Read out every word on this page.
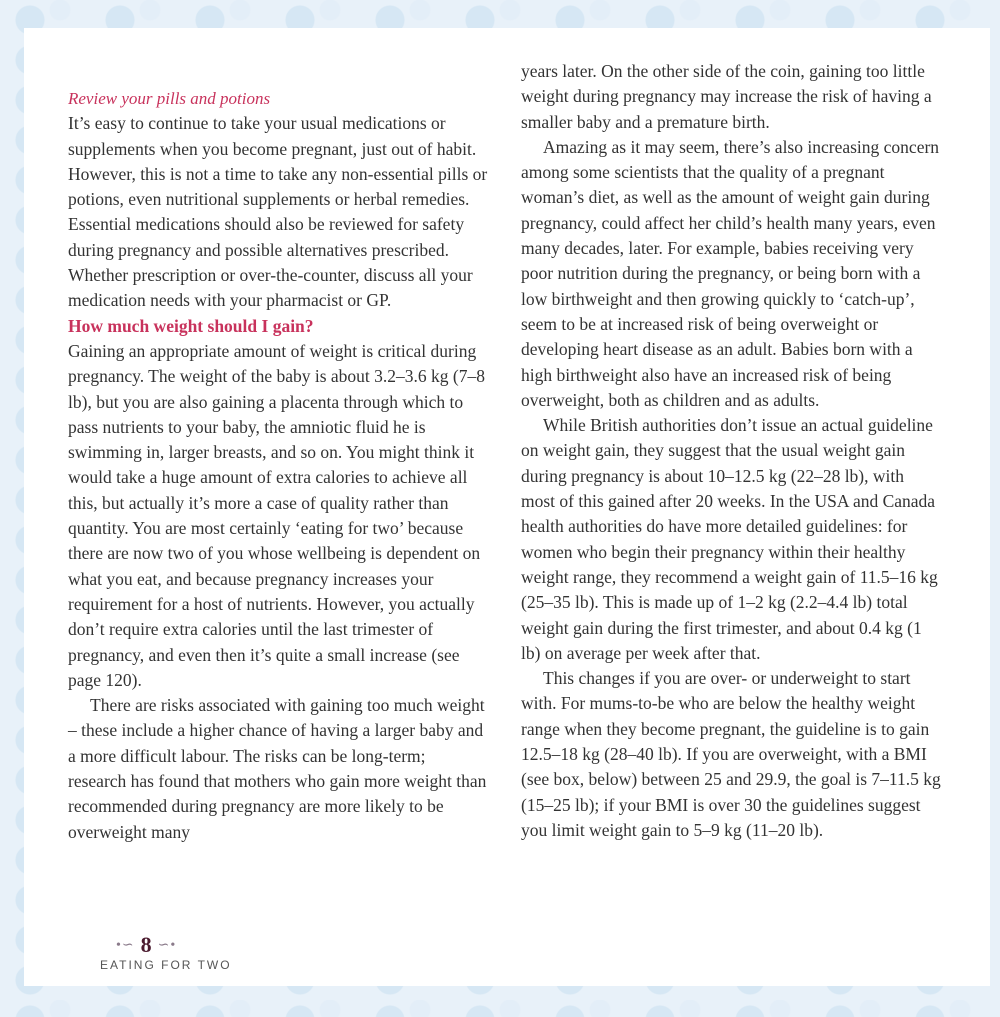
Review your pills and potions

It’s easy to continue to take your usual medications or supplements when you become pregnant, just out of habit. However, this is not a time to take any non-essential pills or potions, even nutritional supplements or herbal remedies. Essential medications should also be reviewed for safety during pregnancy and possible alternatives prescribed. Whether prescription or over-the-counter, discuss all your medication needs with your pharmacist or GP.

How much weight should I gain?

Gaining an appropriate amount of weight is critical during pregnancy. The weight of the baby is about 3.2–3.6 kg (7–8 lb), but you are also gaining a placenta through which to pass nutrients to your baby, the amniotic fluid he is swimming in, larger breasts, and so on. You might think it would take a huge amount of extra calories to achieve all this, but actually it’s more a case of quality rather than quantity. You are most certainly ‘eating for two’ because there are now two of you whose wellbeing is dependent on what you eat, and because pregnancy increases your requirement for a host of nutrients. However, you actually don’t require extra calories until the last trimester of pregnancy, and even then it’s quite a small increase (see page 120).

There are risks associated with gaining too much weight – these include a higher chance of having a larger baby and a more difficult labour. The risks can be long-term; research has found that mothers who gain more weight than recommended during pregnancy are more likely to be overweight many

years later. On the other side of the coin, gaining too little weight during pregnancy may increase the risk of having a smaller baby and a premature birth.

Amazing as it may seem, there’s also increasing concern among some scientists that the quality of a pregnant woman’s diet, as well as the amount of weight gain during pregnancy, could affect her child’s health many years, even many decades, later. For example, babies receiving very poor nutrition during the pregnancy, or being born with a low birthweight and then growing quickly to ‘catch-up’, seem to be at increased risk of being overweight or developing heart disease as an adult. Babies born with a high birthweight also have an increased risk of being overweight, both as children and as adults.

While British authorities don’t issue an actual guideline on weight gain, they suggest that the usual weight gain during pregnancy is about 10–12.5 kg (22–28 lb), with most of this gained after 20 weeks. In the USA and Canada health authorities do have more detailed guidelines: for women who begin their pregnancy within their healthy weight range, they recommend a weight gain of 11.5–16 kg (25–35 lb). This is made up of 1–2 kg (2.2–4.4 lb) total weight gain during the first trimester, and about 0.4 kg (1 lb) on average per week after that.

This changes if you are over- or underweight to start with. For mums-to-be who are below the healthy weight range when they become pregnant, the guideline is to gain 12.5–18 kg (28–40 lb). If you are overweight, with a BMI (see box, below) between 25 and 29.9, the goal is 7–11.5 kg (15–25 lb); if your BMI is over 30 the guidelines suggest you limit weight gain to 5–9 kg (11–20 lb).

•∽ 8 ∽•
EATING FOR TWO
